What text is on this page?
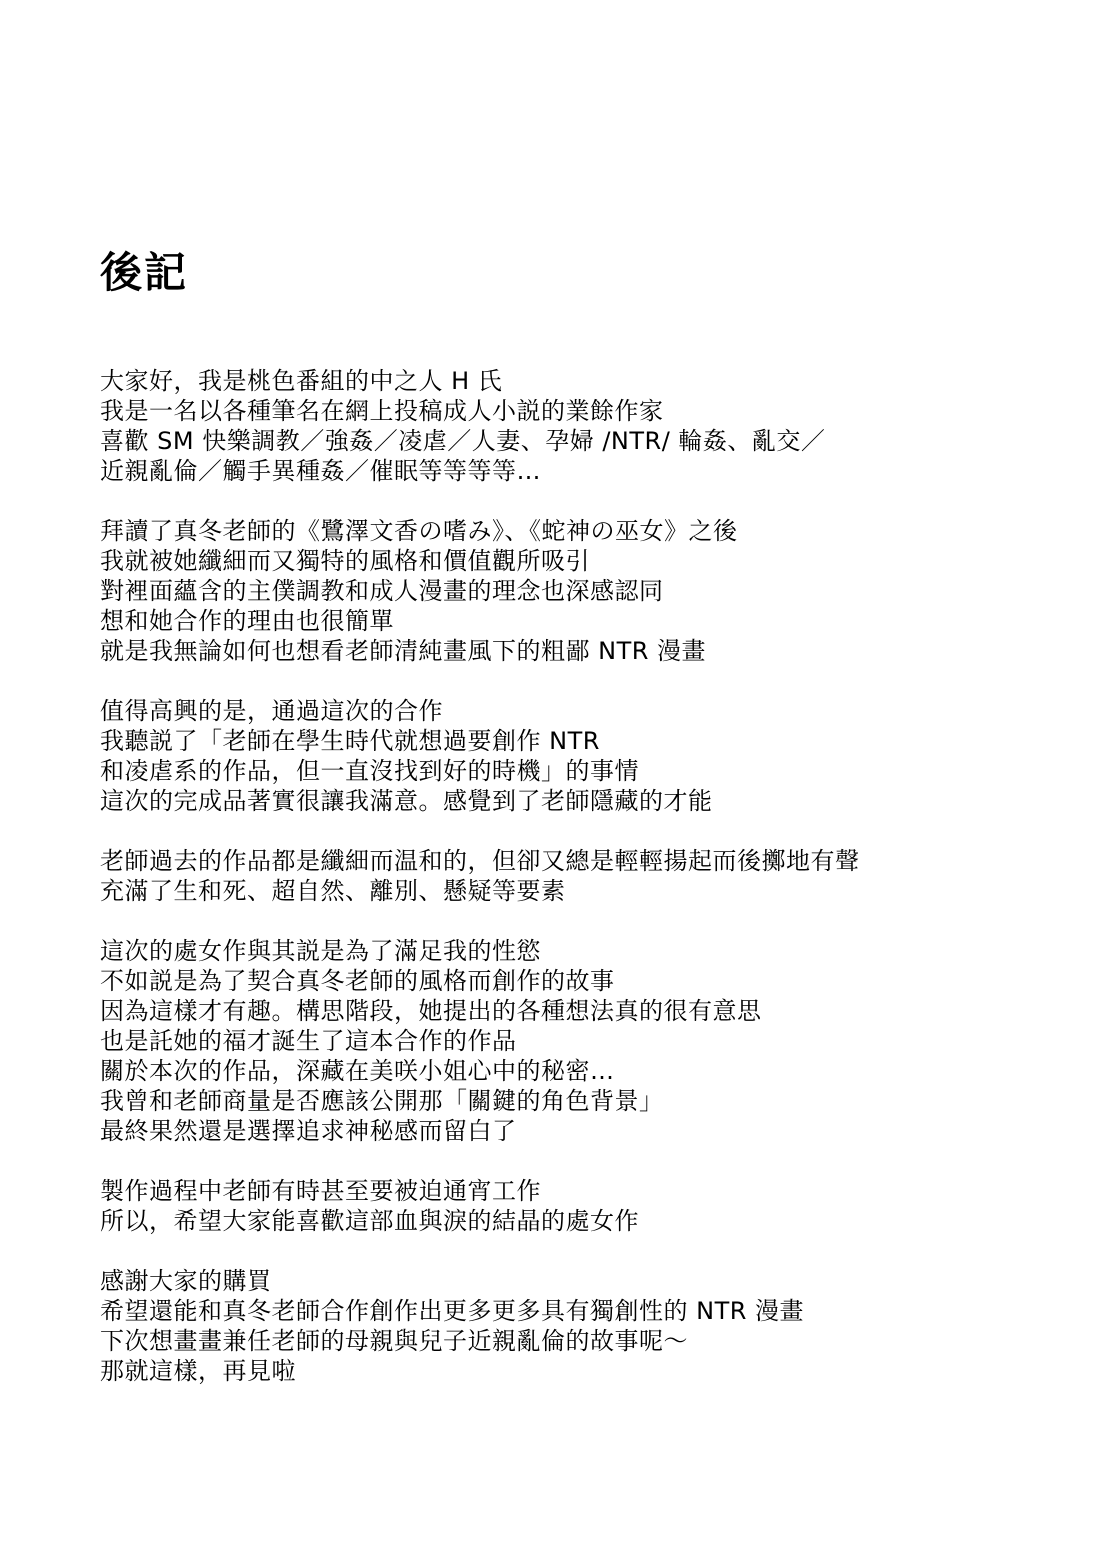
後記

大家好，我是桃色番組的中之人 H 氏

我是一名以各種筆名在網上投稿成人小説的業餘作家

喜歡 SM 快樂調教／強姦／凌虐／人妻、孕婦 /NTR/ 輪姦、亂交／

近親亂倫／觸手異種姦／催眠等等等等…

拜讀了真冬老師的《鷺澤文香の嗜み》、《蛇神の巫女》之後

我就被她纖細而又獨特的風格和價值觀所吸引

對裡面蘊含的主僕調教和成人漫畫的理念也深感認同

想和她合作的理由也很簡單

就是我無論如何也想看老師清純畫風下的粗鄙 NTR 漫畫

值得高興的是，通過這次的合作

我聽説了「老師在學生時代就想過要創作 NTR

和凌虐系的作品，但一直沒找到好的時機」的事情

這次的完成品著實很讓我滿意。感覺到了老師隱藏的才能

老師過去的作品都是纖細而温和的，但卻又總是輕輕揚起而後擲地有聲

充滿了生和死、超自然、離別、懸疑等要素

這次的處女作與其説是為了滿足我的性慾

不如説是為了契合真冬老師的風格而創作的故事

因為這樣才有趣。構思階段，她提出的各種想法真的很有意思

也是託她的福才誕生了這本合作的作品

關於本次的作品，深藏在美咲小姐心中的秘密…

我曾和老師商量是否應該公開那「關鍵的角色背景」

最終果然還是選擇追求神秘感而留白了

製作過程中老師有時甚至要被迫通宵工作

所以，希望大家能喜歡這部血與淚的結晶的處女作

感謝大家的購買

希望還能和真冬老師合作創作出更多更多具有獨創性的 NTR 漫畫

下次想畫畫兼任老師的母親與兒子近親亂倫的故事呢～

那就這樣，再見啦
